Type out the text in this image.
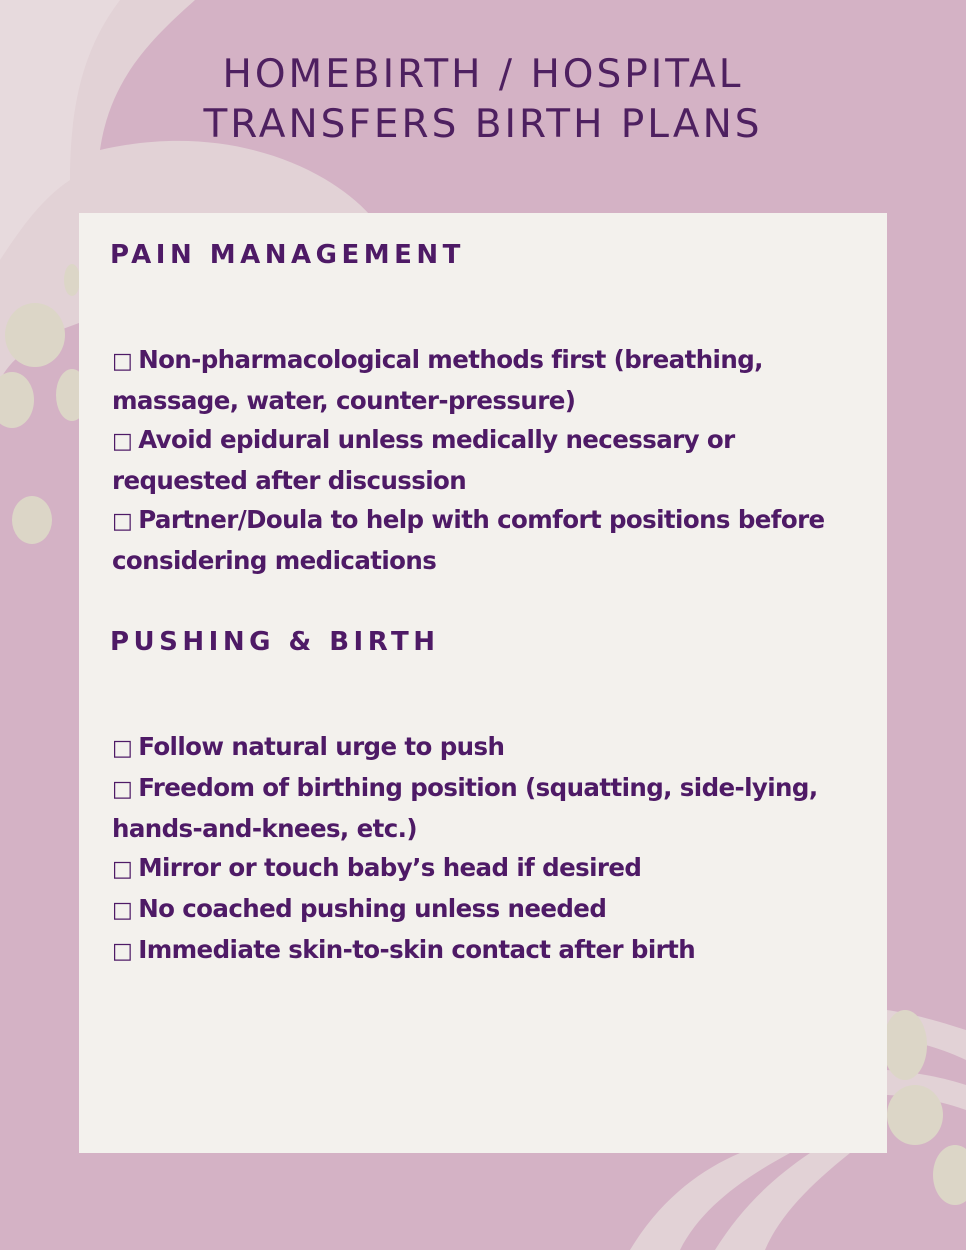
HOMEBIRTH / HOSPITAL
TRANSFERS BIRTH PLANS
PAIN MANAGEMENT
□ Non-pharmacological methods first (breathing, massage, water, counter-pressure)
□ Avoid epidural unless medically necessary or requested after discussion
□ Partner/Doula to help with comfort positions before considering medications
PUSHING & BIRTH
□ Follow natural urge to push
□ Freedom of birthing position (squatting, side-lying, hands-and-knees, etc.)
□ Mirror or touch baby’s head if desired
□ No coached pushing unless needed
□ Immediate skin-to-skin contact after birth
